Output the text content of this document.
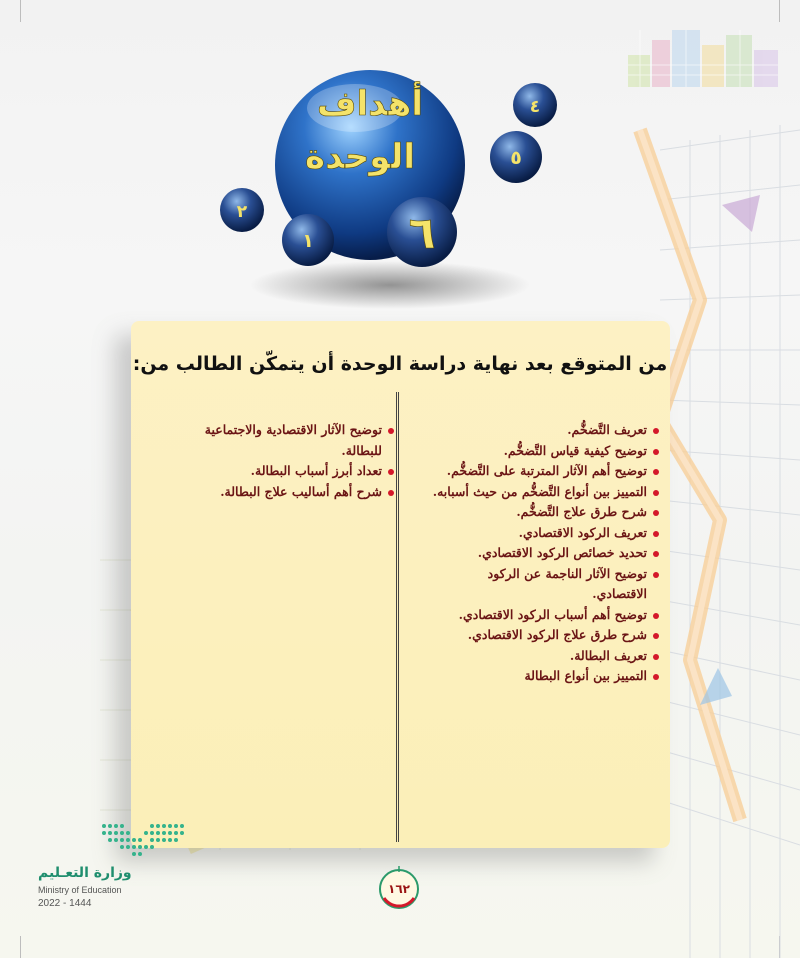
أهداف
الوحدة
٦
٤
٥
٢
١
من المتوقع بعد نهاية دراسة الوحدة أن يتمكّن الطالب من:
تعريف التَّضخُّم.
توضيح كيفية قياس التَّضخُّم.
توضيح أهم الآثار المترتبة على التَّضخُّم.
التمييز بين أنواع التَّضخُّم من حيث أسبابه.
شرح طرق علاج التَّضخُّم.
تعريف الركود الاقتصادي.
تحديد خصائص الركود الاقتصادي.
توضيح الآثار الناجمة عن الركود الاقتصادي.
توضيح أهم أسباب الركود الاقتصادي.
شرح طرق علاج الركود الاقتصادي.
تعريف البطالة.
التمييز بين أنواع البطالة
توضيح الآثار الاقتصادية والاجتماعية للبطالة.
تعداد أبرز أسباب البطالة.
شرح أهم أساليب علاج البطالة.
وزارة التعـليم
Ministry of Education
2022 - 1444
١٦٢
